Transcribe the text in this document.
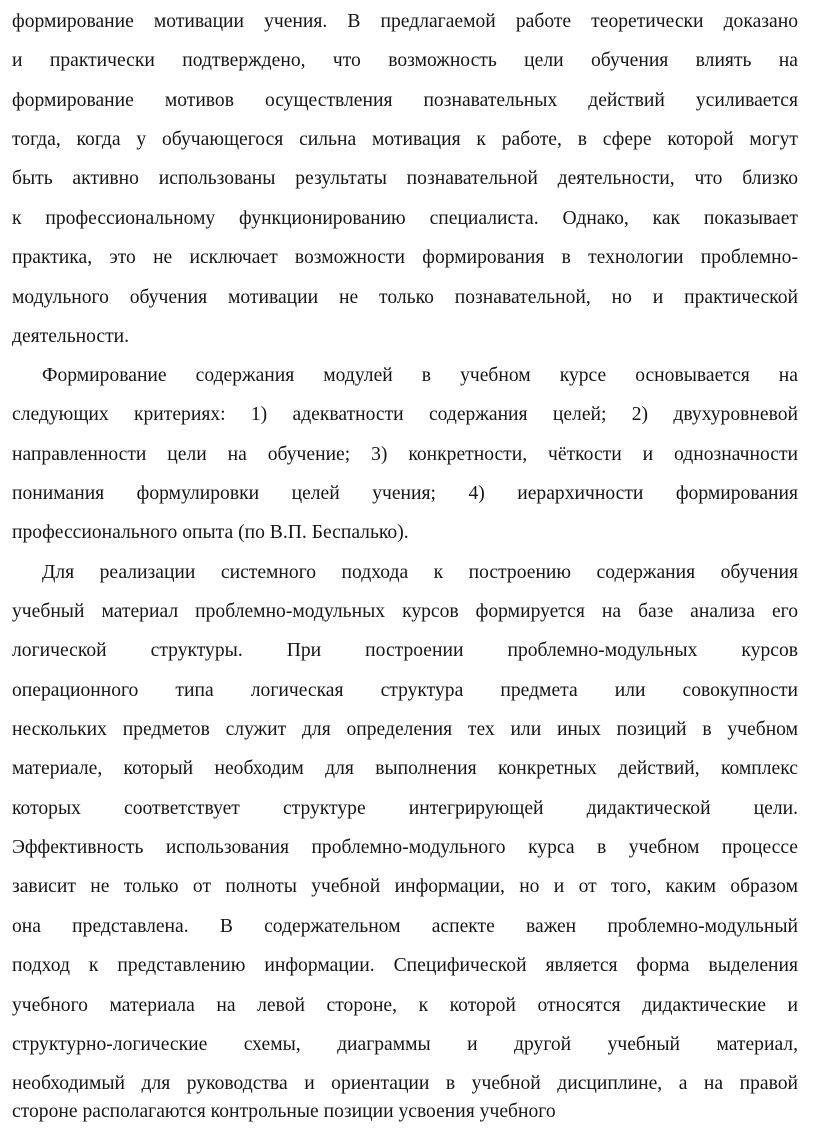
формирование мотивации учения. В предлагаемой работе теоретически доказано
и практически подтверждено, что возможность цели обучения влиять на
формирование мотивов осуществления познавательных действий усиливается
тогда, когда у обучающегося сильна мотивация к работе, в сфере которой могут
быть активно использованы результаты познавательной деятельности, что близко
к профессиональному функционированию специалиста. Однако, как показывает
практика, это не исключает возможности формирования в технологии проблемно-
модульного обучения мотивации не только познавательной, но и практической
деятельности.
Формирование содержания модулей в учебном курсе основывается на
следующих критериях: 1) адекватности содержания целей; 2) двухуровневой
направленности цели на обучение; 3) конкретности, чёткости и однозначности
понимания формулировки целей учения; 4) иерархичности формирования
профессионального опыта (по В.П. Беспалько).
Для реализации системного подхода к построению содержания обучения
учебный материал проблемно-модульных курсов формируется на базе анализа его
логической структуры. При построении проблемно-модульных курсов
операционного типа логическая структура предмета или совокупности
нескольких предметов служит для определения тех или иных позиций в учебном
материале, который необходим для выполнения конкретных действий, комплекс
которых соответствует структуре интегрирующей дидактической цели.
Эффективность использования проблемно-модульного курса в учебном процессе
зависит не только от полноты учебной информации, но и от того, каким образом
она представлена. В содержательном аспекте важен проблемно-модульный
подход к представлению информации. Специфической является форма выделения
учебного материала на левой стороне, к которой относятся дидактические и
структурно-логические схемы, диаграммы и другой учебный материал,
необходимый для руководства и ориентации в учебной дисциплине, а на правой
стороне располагаются контрольные позиции усвоения учебного
